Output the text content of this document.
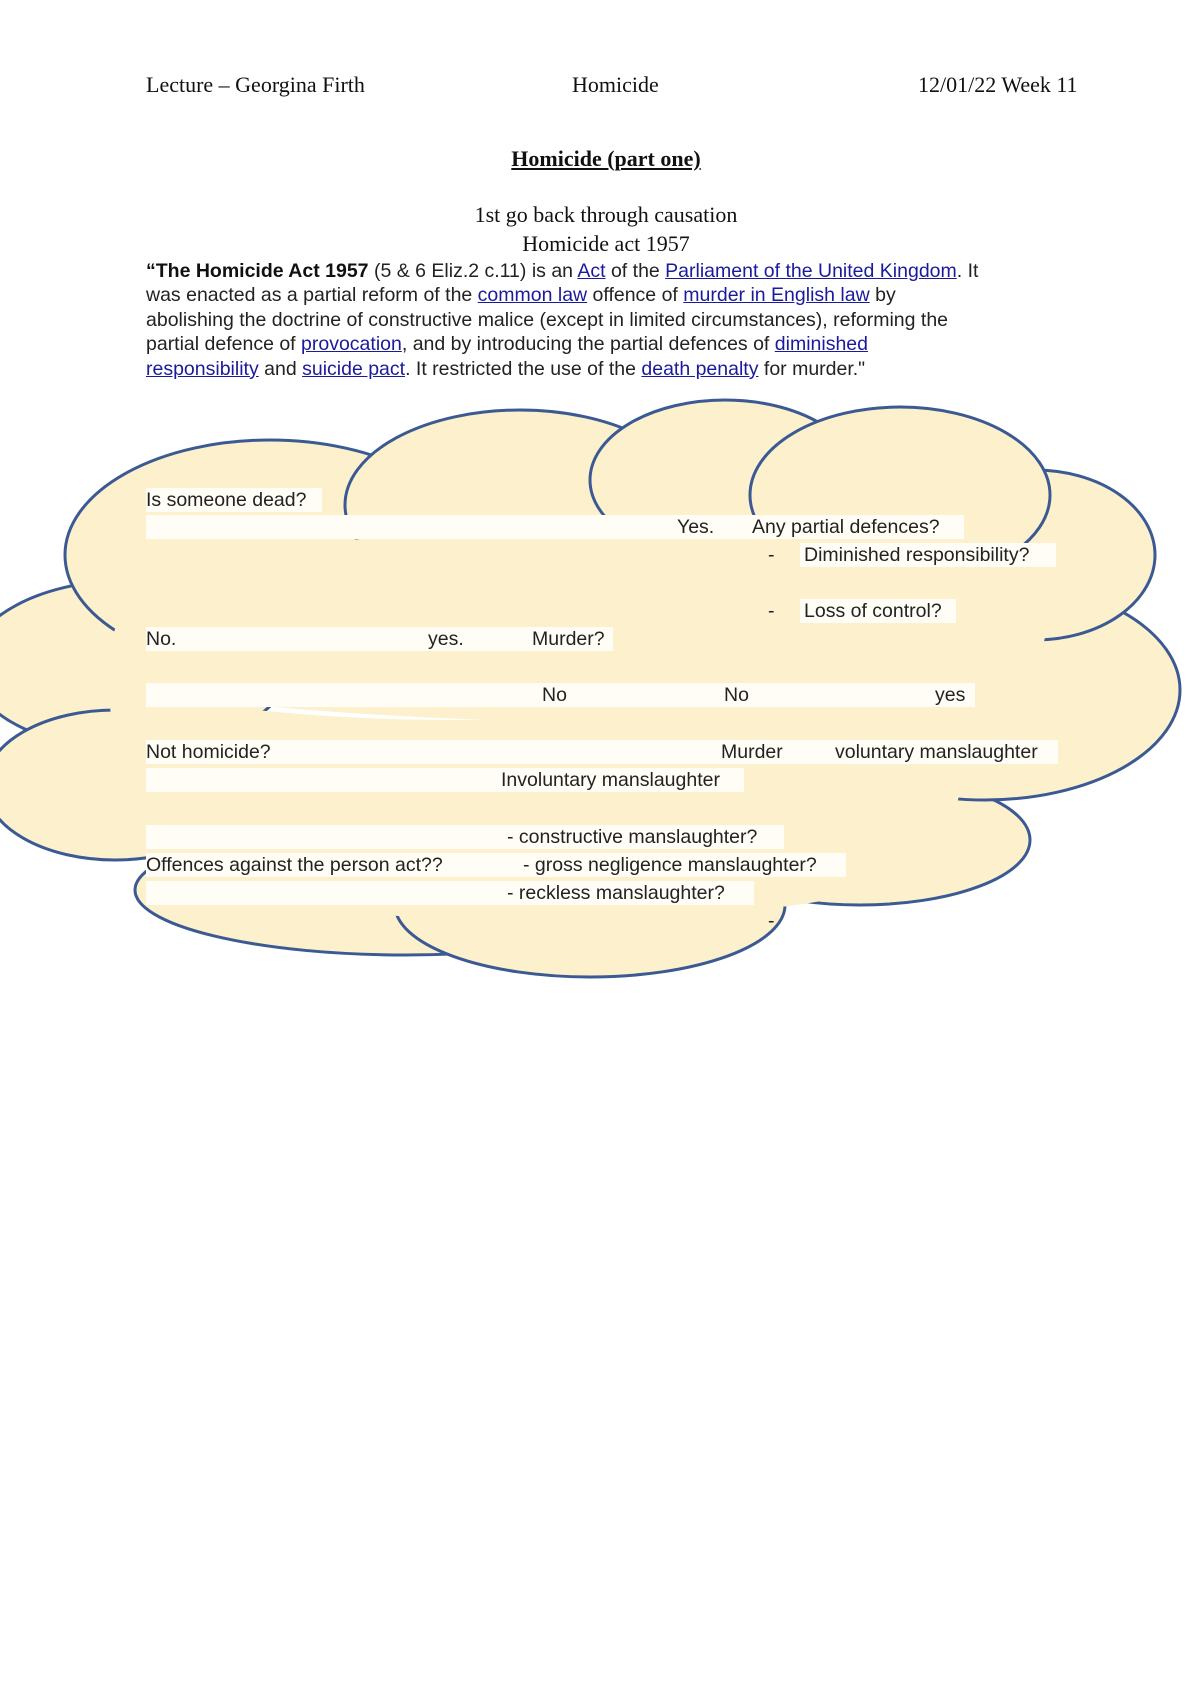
Lecture – Georgina Firth	Homicide	12/01/22 Week 11
Homicide (part one)
1st go back through causation
Homicide act 1957
“The Homicide Act 1957 (5 & 6 Eliz.2 c.11) is an Act of the Parliament of the United Kingdom. It
was enacted as a partial reform of the common law offence of murder in English law by
abolishing the doctrine of constructive malice (except in limited circumstances), reforming the
partial defence of provocation, and by introducing the partial defences of diminished
responsibility and suicide pact. It restricted the use of the death penalty for murder."
Is someone dead?
Yes. Any partial defences?
- Diminished responsibility?
- Loss of control?
No.	yes.	Murder?
No	No	yes
Not homicide?	Murder	voluntary manslaughter
Involuntary manslaughter
- constructive manslaughter?
Offences against the person act??	- gross negligence manslaughter?
- reckless manslaughter?
-
